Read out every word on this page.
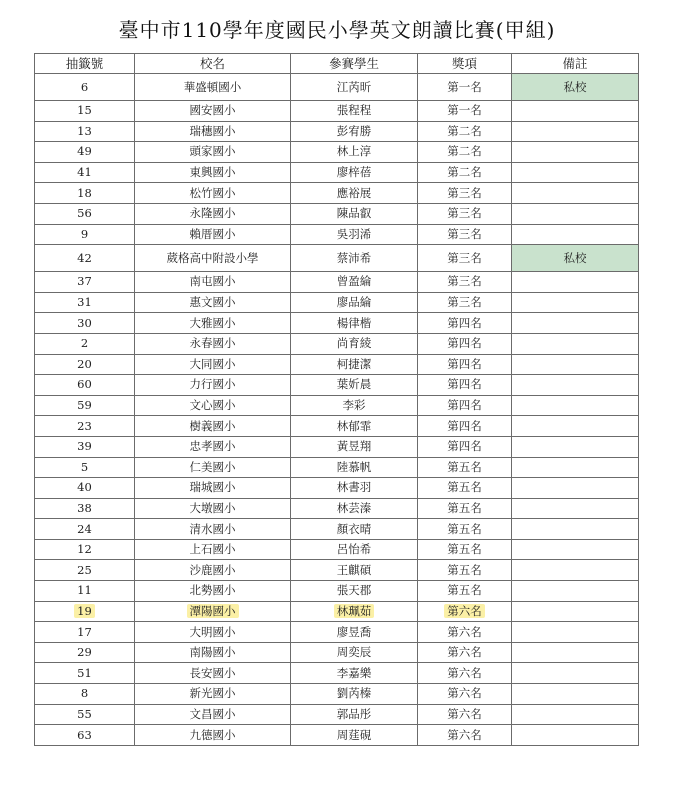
臺中市110學年度國民小學英文朗讀比賽(甲組)
抽籤號	校名	參賽學生	獎項	備註
6	華盛頓國小	江芮昕	第一名	私校
15	國安國小	張程程	第一名	
13	瑞穗國小	彭宥勝	第二名	
49	頭家國小	林上淳	第二名	
41	東興國小	廖梓蓓	第二名	
18	松竹國小	應裕展	第三名	
56	永隆國小	陳品叡	第三名	
9	賴厝國小	吳羽浠	第三名	
42	葳格高中附設小學	蔡沛希	第三名	私校
37	南屯國小	曾盈綸	第三名	
31	惠文國小	廖品綸	第三名	
30	大雅國小	楊律楷	第四名	
2	永春國小	尚育綾	第四名	
20	大同國小	柯捷潔	第四名	
60	力行國小	葉妡晨	第四名	
59	文心國小	李彩	第四名	
23	樹義國小	林郁霏	第四名	
39	忠孝國小	黃昱翔	第四名	
5	仁美國小	陸慕帆	第五名	
40	瑞城國小	林書羽	第五名	
38	大墩國小	林芸溱	第五名	
24	清水國小	顏衣晴	第五名	
12	上石國小	呂怡希	第五名	
25	沙鹿國小	王麒碩	第五名	
11	北勢國小	張天郡	第五名	
19	潭陽國小	林珮茹	第六名	
17	大明國小	廖昱喬	第六名	
29	南陽國小	周奕辰	第六名	
51	長安國小	李嘉樂	第六名	
8	新光國小	劉芮榛	第六名	
55	文昌國小	郭品彤	第六名	
63	九德國小	周莛硯	第六名	
